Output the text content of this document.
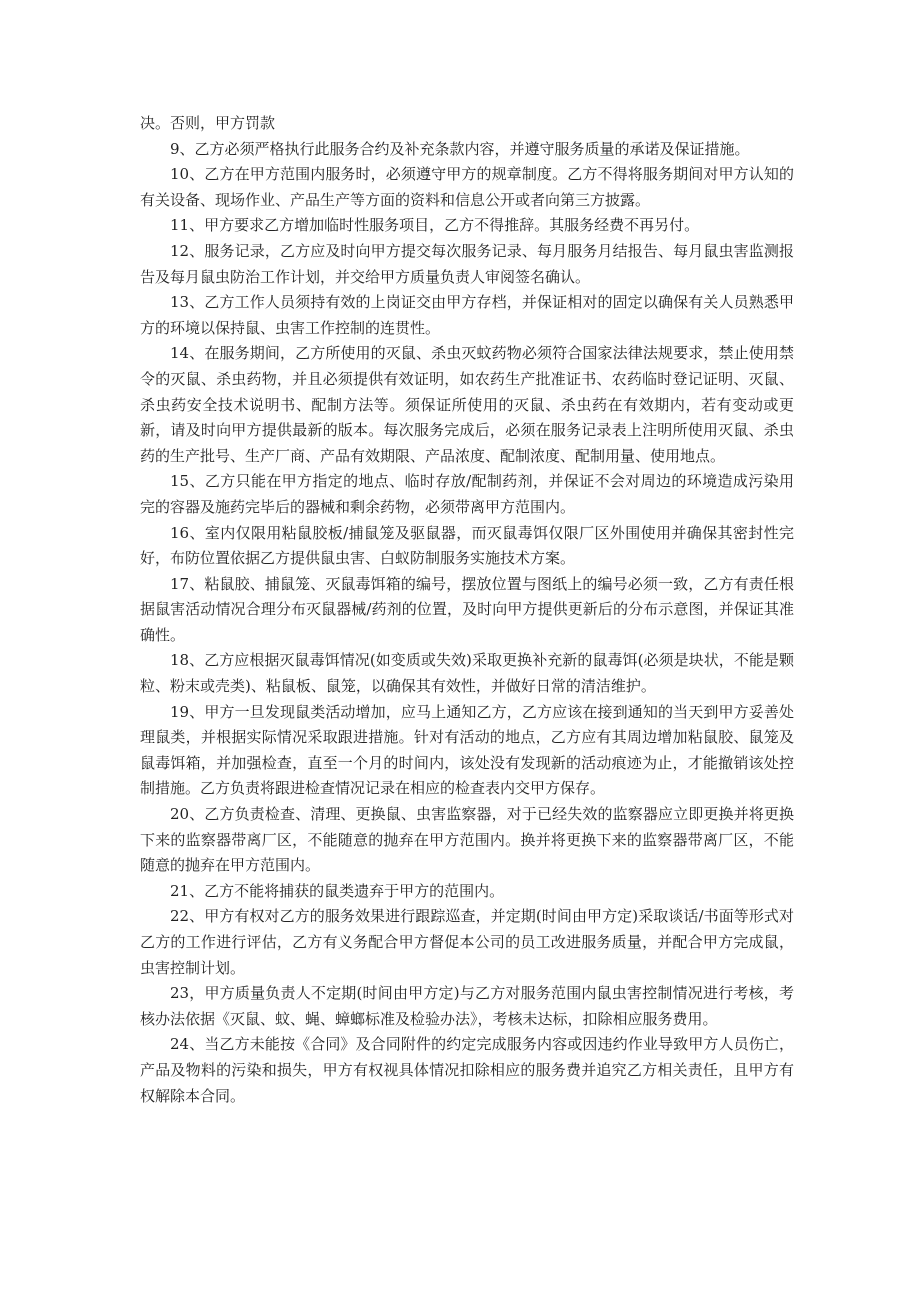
决。否则，甲方罚款

9、乙方必须严格执行此服务合约及补充条款内容，并遵守服务质量的承诺及保证措施。

10、乙方在甲方范围内服务时，必须遵守甲方的规章制度。乙方不得将服务期间对甲方认知的有关设备、现场作业、产品生产等方面的资料和信息公开或者向第三方披露。

11、甲方要求乙方增加临时性服务项目，乙方不得推辞。其服务经费不再另付。

12、服务记录，乙方应及时向甲方提交每次服务记录、每月服务月结报告、每月鼠虫害监测报告及每月鼠虫防治工作计划，并交给甲方质量负责人审阅签名确认。

13、乙方工作人员须持有效的上岗证交由甲方存档，并保证相对的固定以确保有关人员熟悉甲方的环境以保持鼠、虫害工作控制的连贯性。

14、在服务期间，乙方所使用的灭鼠、杀虫灭蚊药物必须符合国家法律法规要求，禁止使用禁令的灭鼠、杀虫药物，并且必须提供有效证明，如农药生产批准证书、农药临时登记证明、灭鼠、杀虫药安全技术说明书、配制方法等。须保证所使用的灭鼠、杀虫药在有效期内，若有变动或更新，请及时向甲方提供最新的版本。每次服务完成后，必须在服务记录表上注明所使用灭鼠、杀虫药的生产批号、生产厂商、产品有效期限、产品浓度、配制浓度、配制用量、使用地点。

15、乙方只能在甲方指定的地点、临时存放/配制药剂，并保证不会对周边的环境造成污染用完的容器及施药完毕后的器械和剩余药物，必须带离甲方范围内。

16、室内仅限用粘鼠胶板/捕鼠笼及驱鼠器，而灭鼠毒饵仅限厂区外围使用并确保其密封性完好，布防位置依据乙方提供鼠虫害、白蚁防制服务实施技术方案。

17、粘鼠胶、捕鼠笼、灭鼠毒饵箱的编号，摆放位置与图纸上的编号必须一致，乙方有责任根据鼠害活动情况合理分布灭鼠器械/药剂的位置，及时向甲方提供更新后的分布示意图，并保证其准确性。

18、乙方应根据灭鼠毒饵情况(如变质或失效)采取更换补充新的鼠毒饵(必须是块状，不能是颗粒、粉末或壳类)、粘鼠板、鼠笼，以确保其有效性，并做好日常的清洁维护。

19、甲方一旦发现鼠类活动增加，应马上通知乙方，乙方应该在接到通知的当天到甲方妥善处理鼠类，并根据实际情况采取跟进措施。针对有活动的地点，乙方应有其周边增加粘鼠胶、鼠笼及鼠毒饵箱，并加强检查，直至一个月的时间内，该处没有发现新的活动痕迹为止，才能撤销该处控制措施。乙方负责将跟进检查情况记录在相应的检查表内交甲方保存。

20、乙方负责检查、清理、更换鼠、虫害监察器，对于已经失效的监察器应立即更换并将更换下来的监察器带离厂区，不能随意的抛弃在甲方范围内。换并将更换下来的监察器带离厂区，不能随意的抛弃在甲方范围内。

21、乙方不能将捕获的鼠类遗弃于甲方的范围内。

22、甲方有权对乙方的服务效果进行跟踪巡查，并定期(时间由甲方定)采取谈话/书面等形式对乙方的工作进行评估，乙方有义务配合甲方督促本公司的员工改进服务质量，并配合甲方完成鼠，虫害控制计划。

23，甲方质量负责人不定期(时间由甲方定)与乙方对服务范围内鼠虫害控制情况进行考核，考核办法依据《灭鼠、蚊、蝇、蟑螂标准及检验办法》，考核未达标，扣除相应服务费用。

24、当乙方未能按《合同》及合同附件的约定完成服务内容或因违约作业导致甲方人员伤亡，产品及物料的污染和损失，甲方有权视具体情况扣除相应的服务费并追究乙方相关责任，且甲方有权解除本合同。
